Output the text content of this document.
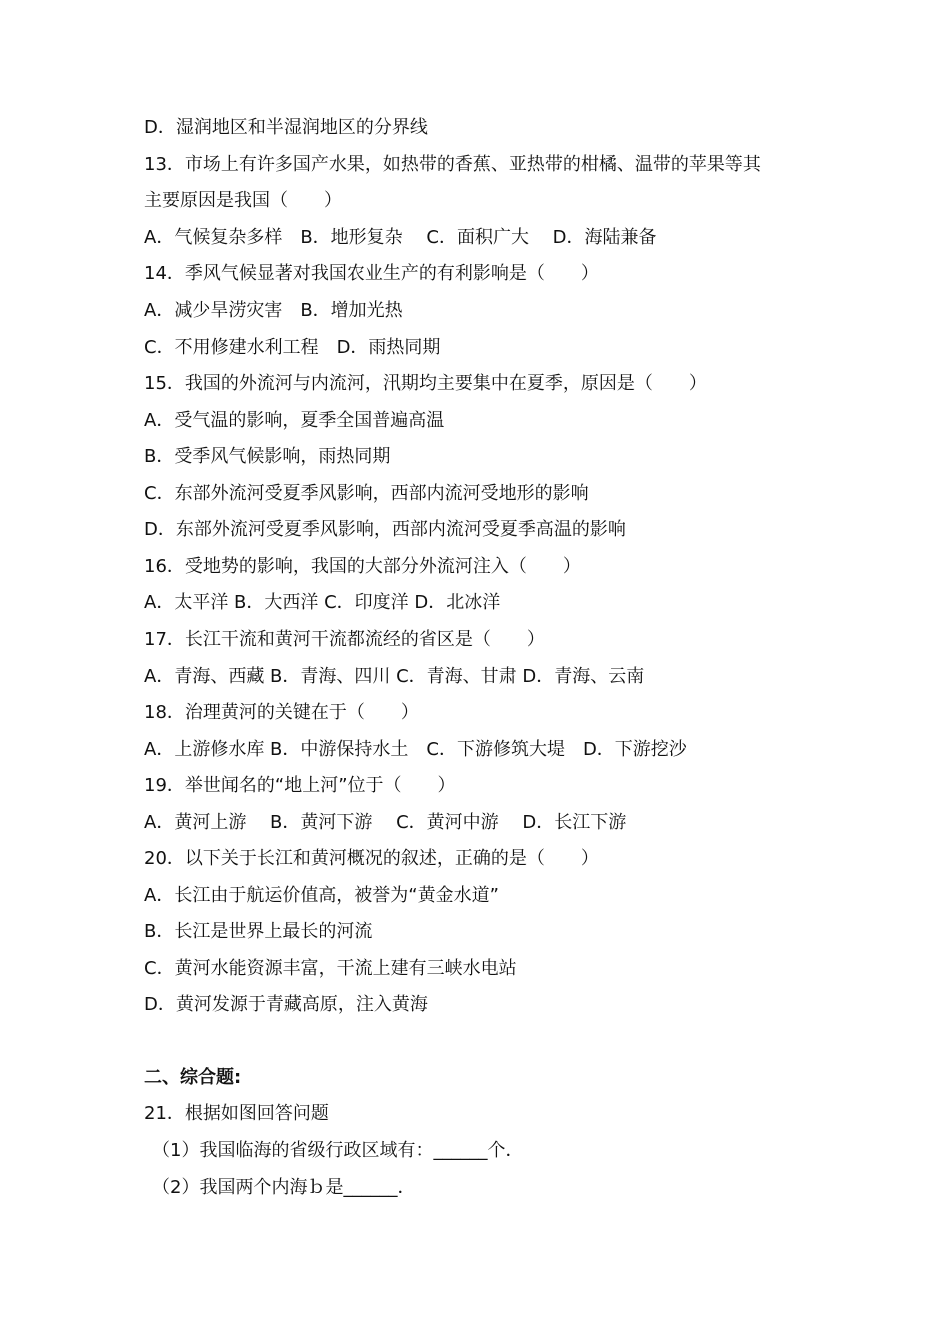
D．湿润地区和半湿润地区的分界线
13．市场上有许多国产水果，如热带的香蕉、亚热带的柑橘、温带的苹果等其
主要原因是我国（　　）
A．气候复杂多样　B．地形复杂　 C．面积广大　 D．海陆兼备
14．季风气候显著对我国农业生产的有利影响是（　　）
A．减少旱涝灾害　B．增加光热
C．不用修建水利工程　D．雨热同期
15．我国的外流河与内流河，汛期均主要集中在夏季，原因是（　　）
A．受气温的影响，夏季全国普遍高温
B．受季风气候影响，雨热同期
C．东部外流河受夏季风影响，西部内流河受地形的影响
D．东部外流河受夏季风影响，西部内流河受夏季高温的影响
16．受地势的影响，我国的大部分外流河注入（　　）
A．太平洋 B．大西洋 C．印度洋 D．北冰洋
17．长江干流和黄河干流都流经的省区是（　　）
A．青海、西藏 B．青海、四川 C．青海、甘肃 D．青海、云南
18．治理黄河的关键在于（　　）
A．上游修水库 B．中游保持水土　C．下游修筑大堤　D．下游挖沙
19．举世闻名的“地上河”位于（　　）
A．黄河上游　 B．黄河下游　 C．黄河中游　 D．长江下游
20．以下关于长江和黄河概况的叙述，正确的是（　　）
A．长江由于航运价值高，被誉为“黄金水道”
B．长江是世界上最长的河流
C．黄河水能资源丰富，干流上建有三峡水电站
D．黄河发源于青藏高原，注入黄海
二、综合题:
21．根据如图回答问题
（1）我国临海的省级行政区域有：______个．
（2）我国两个内海ｂ是______．
